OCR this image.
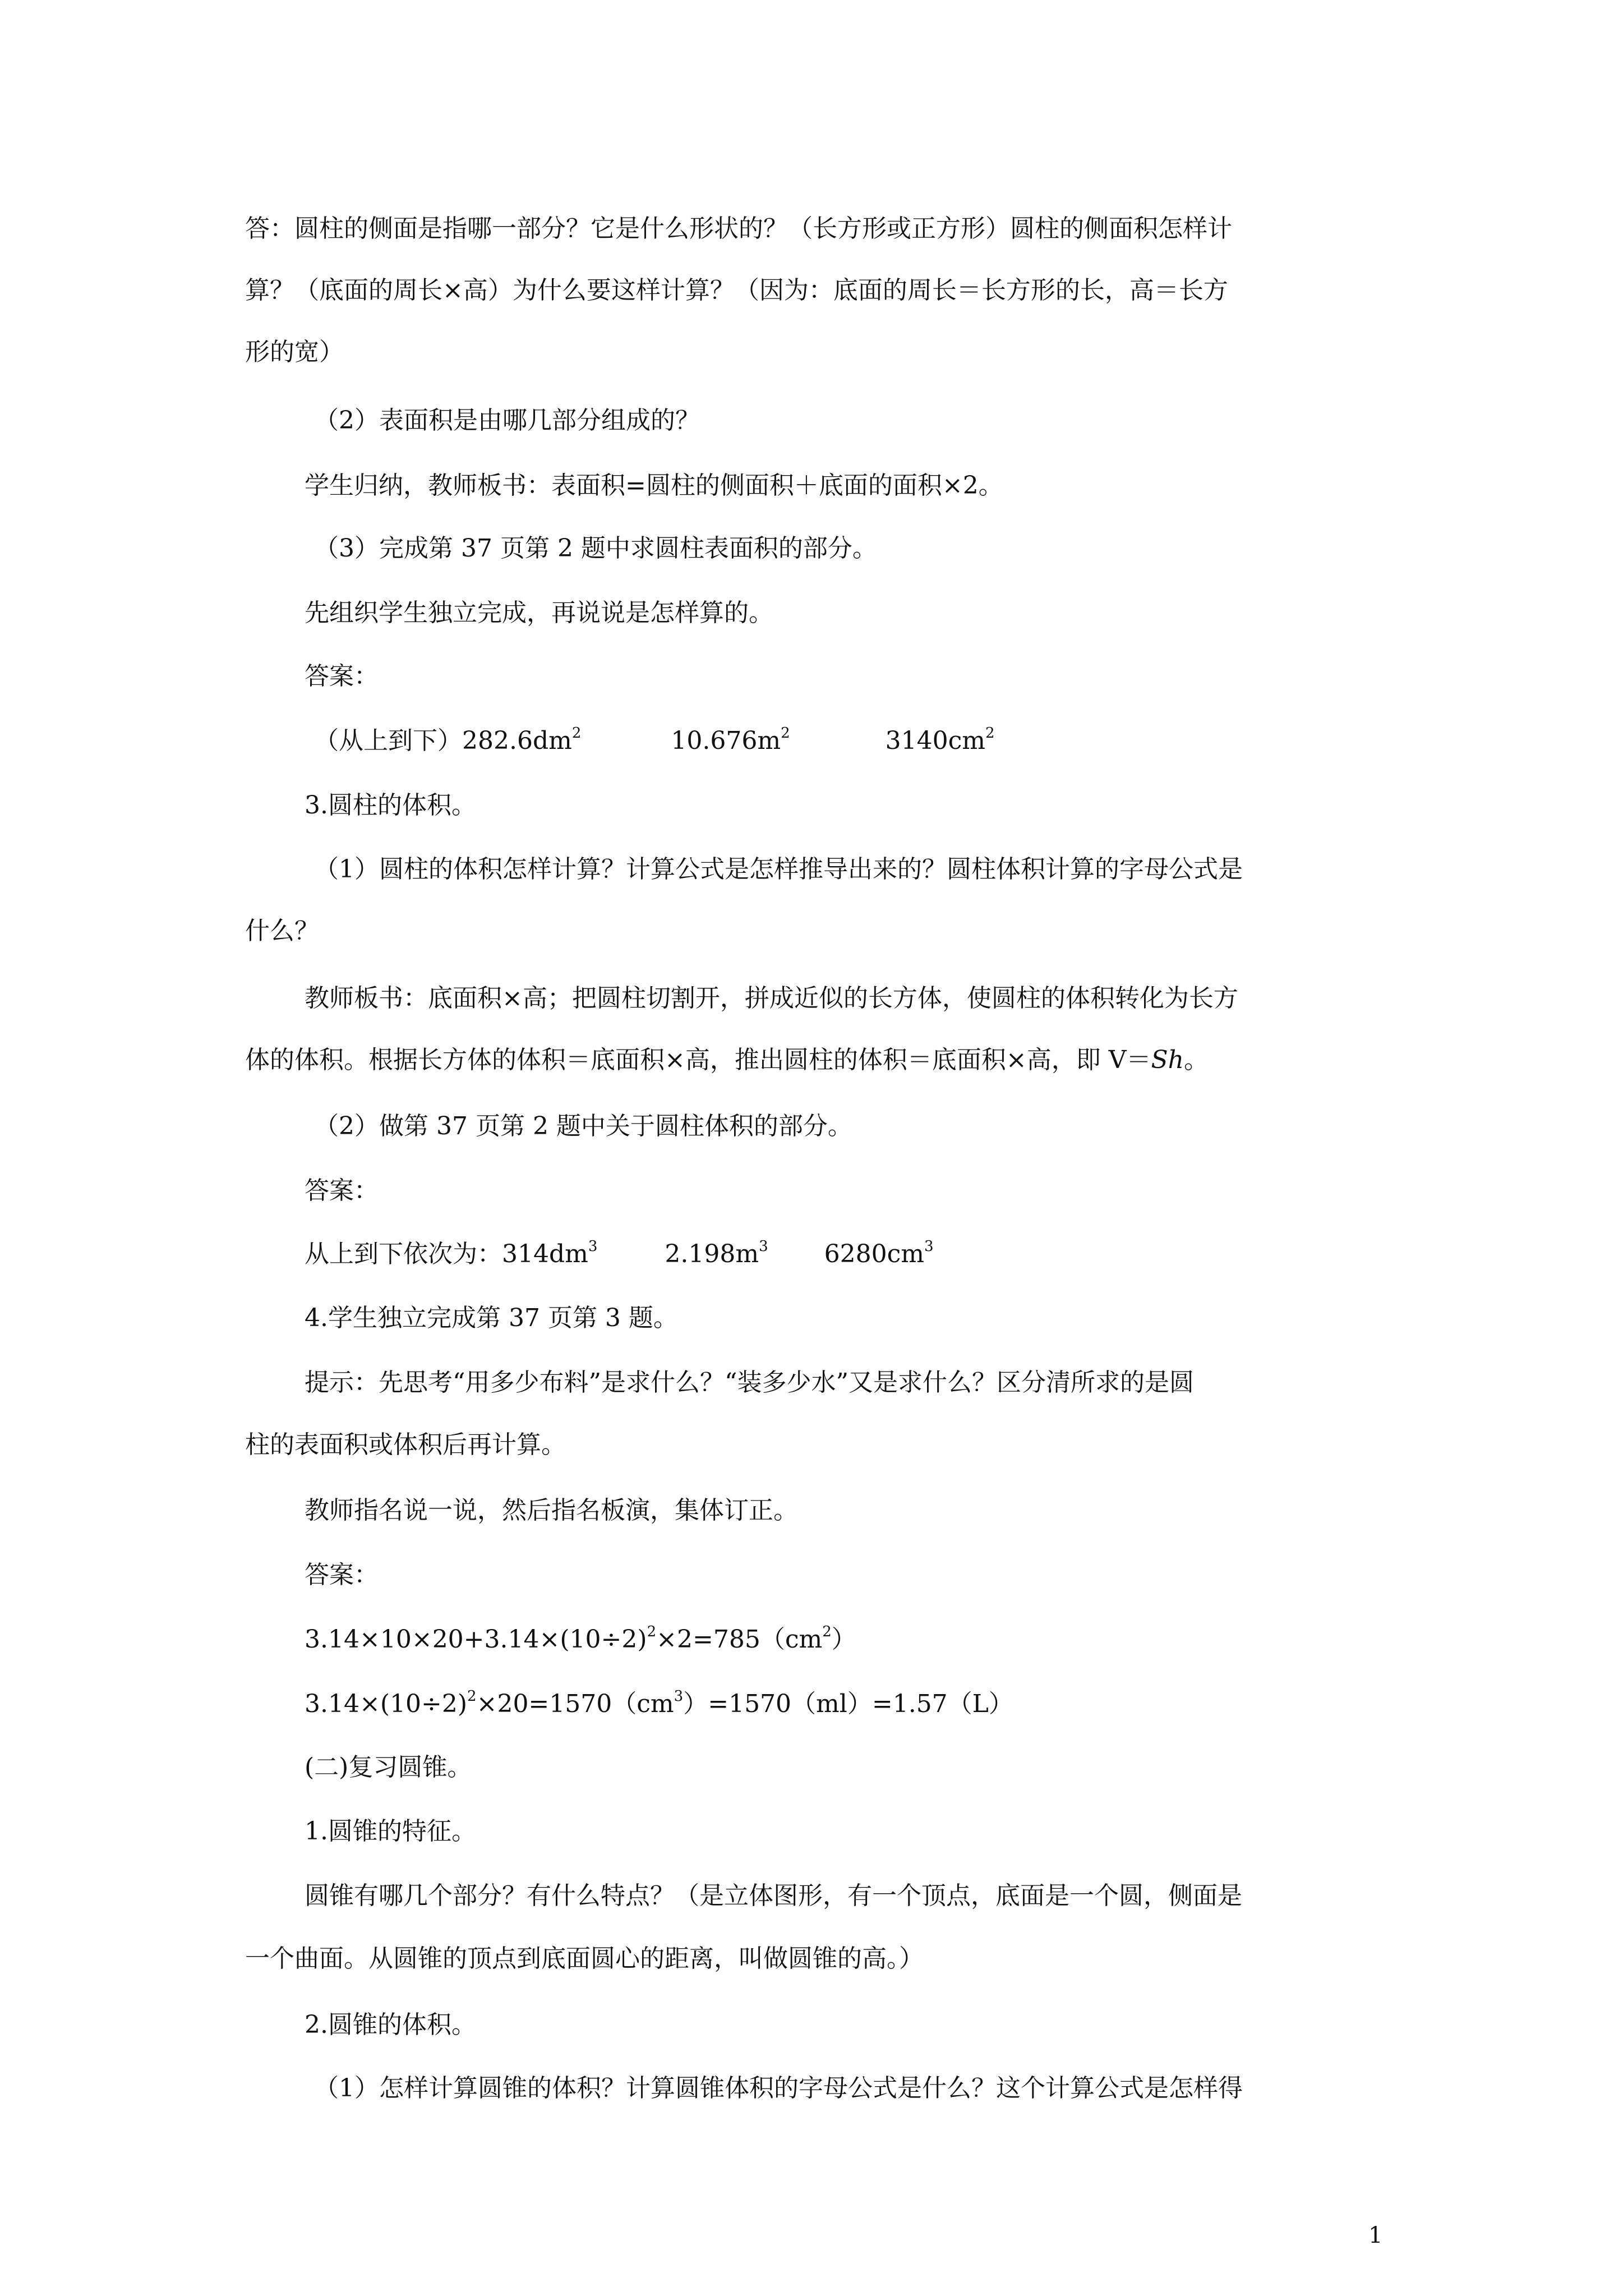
答：圆柱的侧面是指哪一部分？它是什么形状的？（长方形或正方形）圆柱的侧面积怎样计

算？（底面的周长×高）为什么要这样计算？（因为：底面的周长＝长方形的长，高＝长方

形的宽）

（2）表面积是由哪几部分组成的？

学生归纳，教师板书：表面积=圆柱的侧面积＋底面的面积×2。

（3）完成第 37 页第 2 题中求圆柱表面积的部分。

先组织学生独立完成，再说说是怎样算的。

答案：

（从上到下）$282.6dm^2$	$10.676m^2$	$3140cm^2$

3.圆柱的体积。

（1）圆柱的体积怎样计算？计算公式是怎样推导出来的？圆柱体积计算的字母公式是

什么？

教师板书：底面积×高；把圆柱切割开，拼成近似的长方体，使圆柱的体积转化为长方

体的体积。根据长方体的体积＝底面积×高，推出圆柱的体积＝底面积×高，即 V＝Sh。

（2）做第 37 页第 2 题中关于圆柱体积的部分。

答案：

从上到下依次为：$314dm^3$	$2.198m^3$ $6280cm^3$

4.学生独立完成第 37 页第 3 题。

提示：先思考“用多少布料”是求什么？“装多少水”又是求什么？区分清所求的是圆

柱的表面积或体积后再计算。

教师指名说一说，然后指名板演，集体订正。

答案：

$3.14\times 10\times 20+3.14\times(10\div 2)^2\times 2=785(cm^2)$

$3.14\times(10\div 2)^2\times 20=1570(cm^3)=1570(ml)=1.57(L)$

(二)复习圆锥。

1.圆锥的特征。

圆锥有哪几个部分？有什么特点？（是立体图形，有一个顶点，底面是一个圆，侧面是

一个曲面。从圆锥的顶点到底面圆心的距离，叫做圆锥的高。）

2.圆锥的体积。

（1）怎样计算圆锥的体积？计算圆锥体积的字母公式是什么？这个计算公式是怎样得

1
